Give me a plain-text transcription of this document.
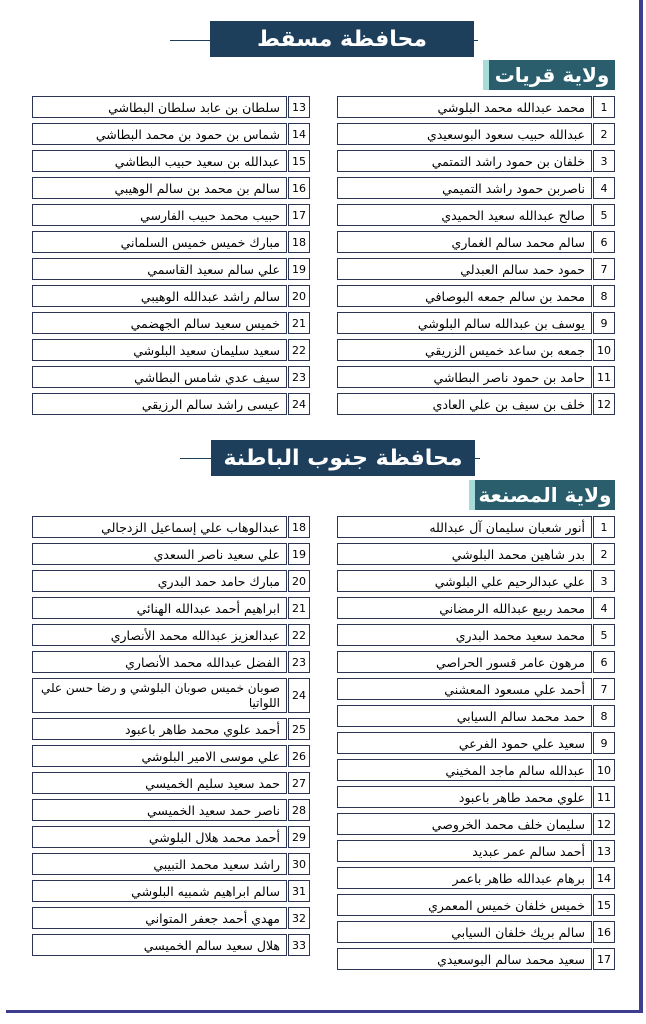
محافظة مسقط
ولاية قريات
محمد عبدالله محمد البلوشي	1
عبدالله حبيب سعود البوسعيدي	2
خلفان بن حمود راشد التمتمي	3
ناصربن حمود راشد التميمي	4
صالح عبدالله سعيد الحميدي	5
سالم محمد سالم الغماري	6
حمود حمد سالم العبدلي	7
محمد بن سالم جمعه البوصافي	8
يوسف بن عبدالله سالم البلوشي	9
جمعه بن ساعد خميس الزريقي	10
حامد بن حمود ناصر البطاشي	11
خلف بن سيف بن علي العادي	12
سلطان بن عابد سلطان البطاشي	13
شماس بن حمود بن محمد البطاشي	14
عبدالله بن سعيد حبيب البطاشي	15
سالم بن محمد بن سالم الوهيبي	16
حبيب محمد حبيب الفارسي	17
مبارك خميس خميس السلماني	18
علي سالم سعيد القاسمي	19
سالم راشد عبدالله الوهيبي	20
خميس سعيد سالم الجهضمي	21
سعيد سليمان سعيد البلوشي	22
سيف عدي شامس البطاشي	23
عيسى راشد سالم الرزيقي	24
محافظة جنوب الباطنة
ولاية المصنعة
أنور شعبان سليمان آل عبدالله	1
بدر شاهين محمد البلوشي	2
علي عبدالرحيم علي البلوشي	3
محمد ربيع عبدالله الرمضاني	4
محمد سعيد محمد البدري	5
مرهون عامر قسور الحراصي	6
أحمد علي مسعود المعشني	7
حمد محمد سالم السيابي	8
سعيد علي حمود الفرعي	9
عبدالله سالم ماجد المخيني	10
علوي محمد طاهر باعبود	11
سليمان خلف محمد الخروصي	12
أحمد سالم عمر عبديد	13
برهام عبدالله طاهر باعمر	14
خميس خلفان خميس المعمري	15
سالم بريك خلفان السيابي	16
سعيد محمد سالم البوسعيدي	17
عبدالوهاب علي إسماعيل الزدجالي	18
علي سعيد ناصر السعدي	19
مبارك حامد حمد البدري	20
ابراهيم أحمد عبدالله الهنائي	21
عبدالعزيز عبدالله محمد الأنصاري	22
الفضل عبدالله محمد الأنصاري	23
صوبان خميس صوبان البلوشي و رضا حسن علي اللواتيا	24
أحمد علوي محمد طاهر باعبود	25
علي موسى الامير البلوشي	26
حمد سعيد سليم الخميسي	27
ناصر حمد سعيد الخميسي	28
أحمد محمد هلال البلوشي	29
راشد سعيد محمد التبيبي	30
سالم ابراهيم شمبيه البلوشي	31
مهدي أحمد جعفر المتواني	32
هلال سعيد سالم الخميسي	33
